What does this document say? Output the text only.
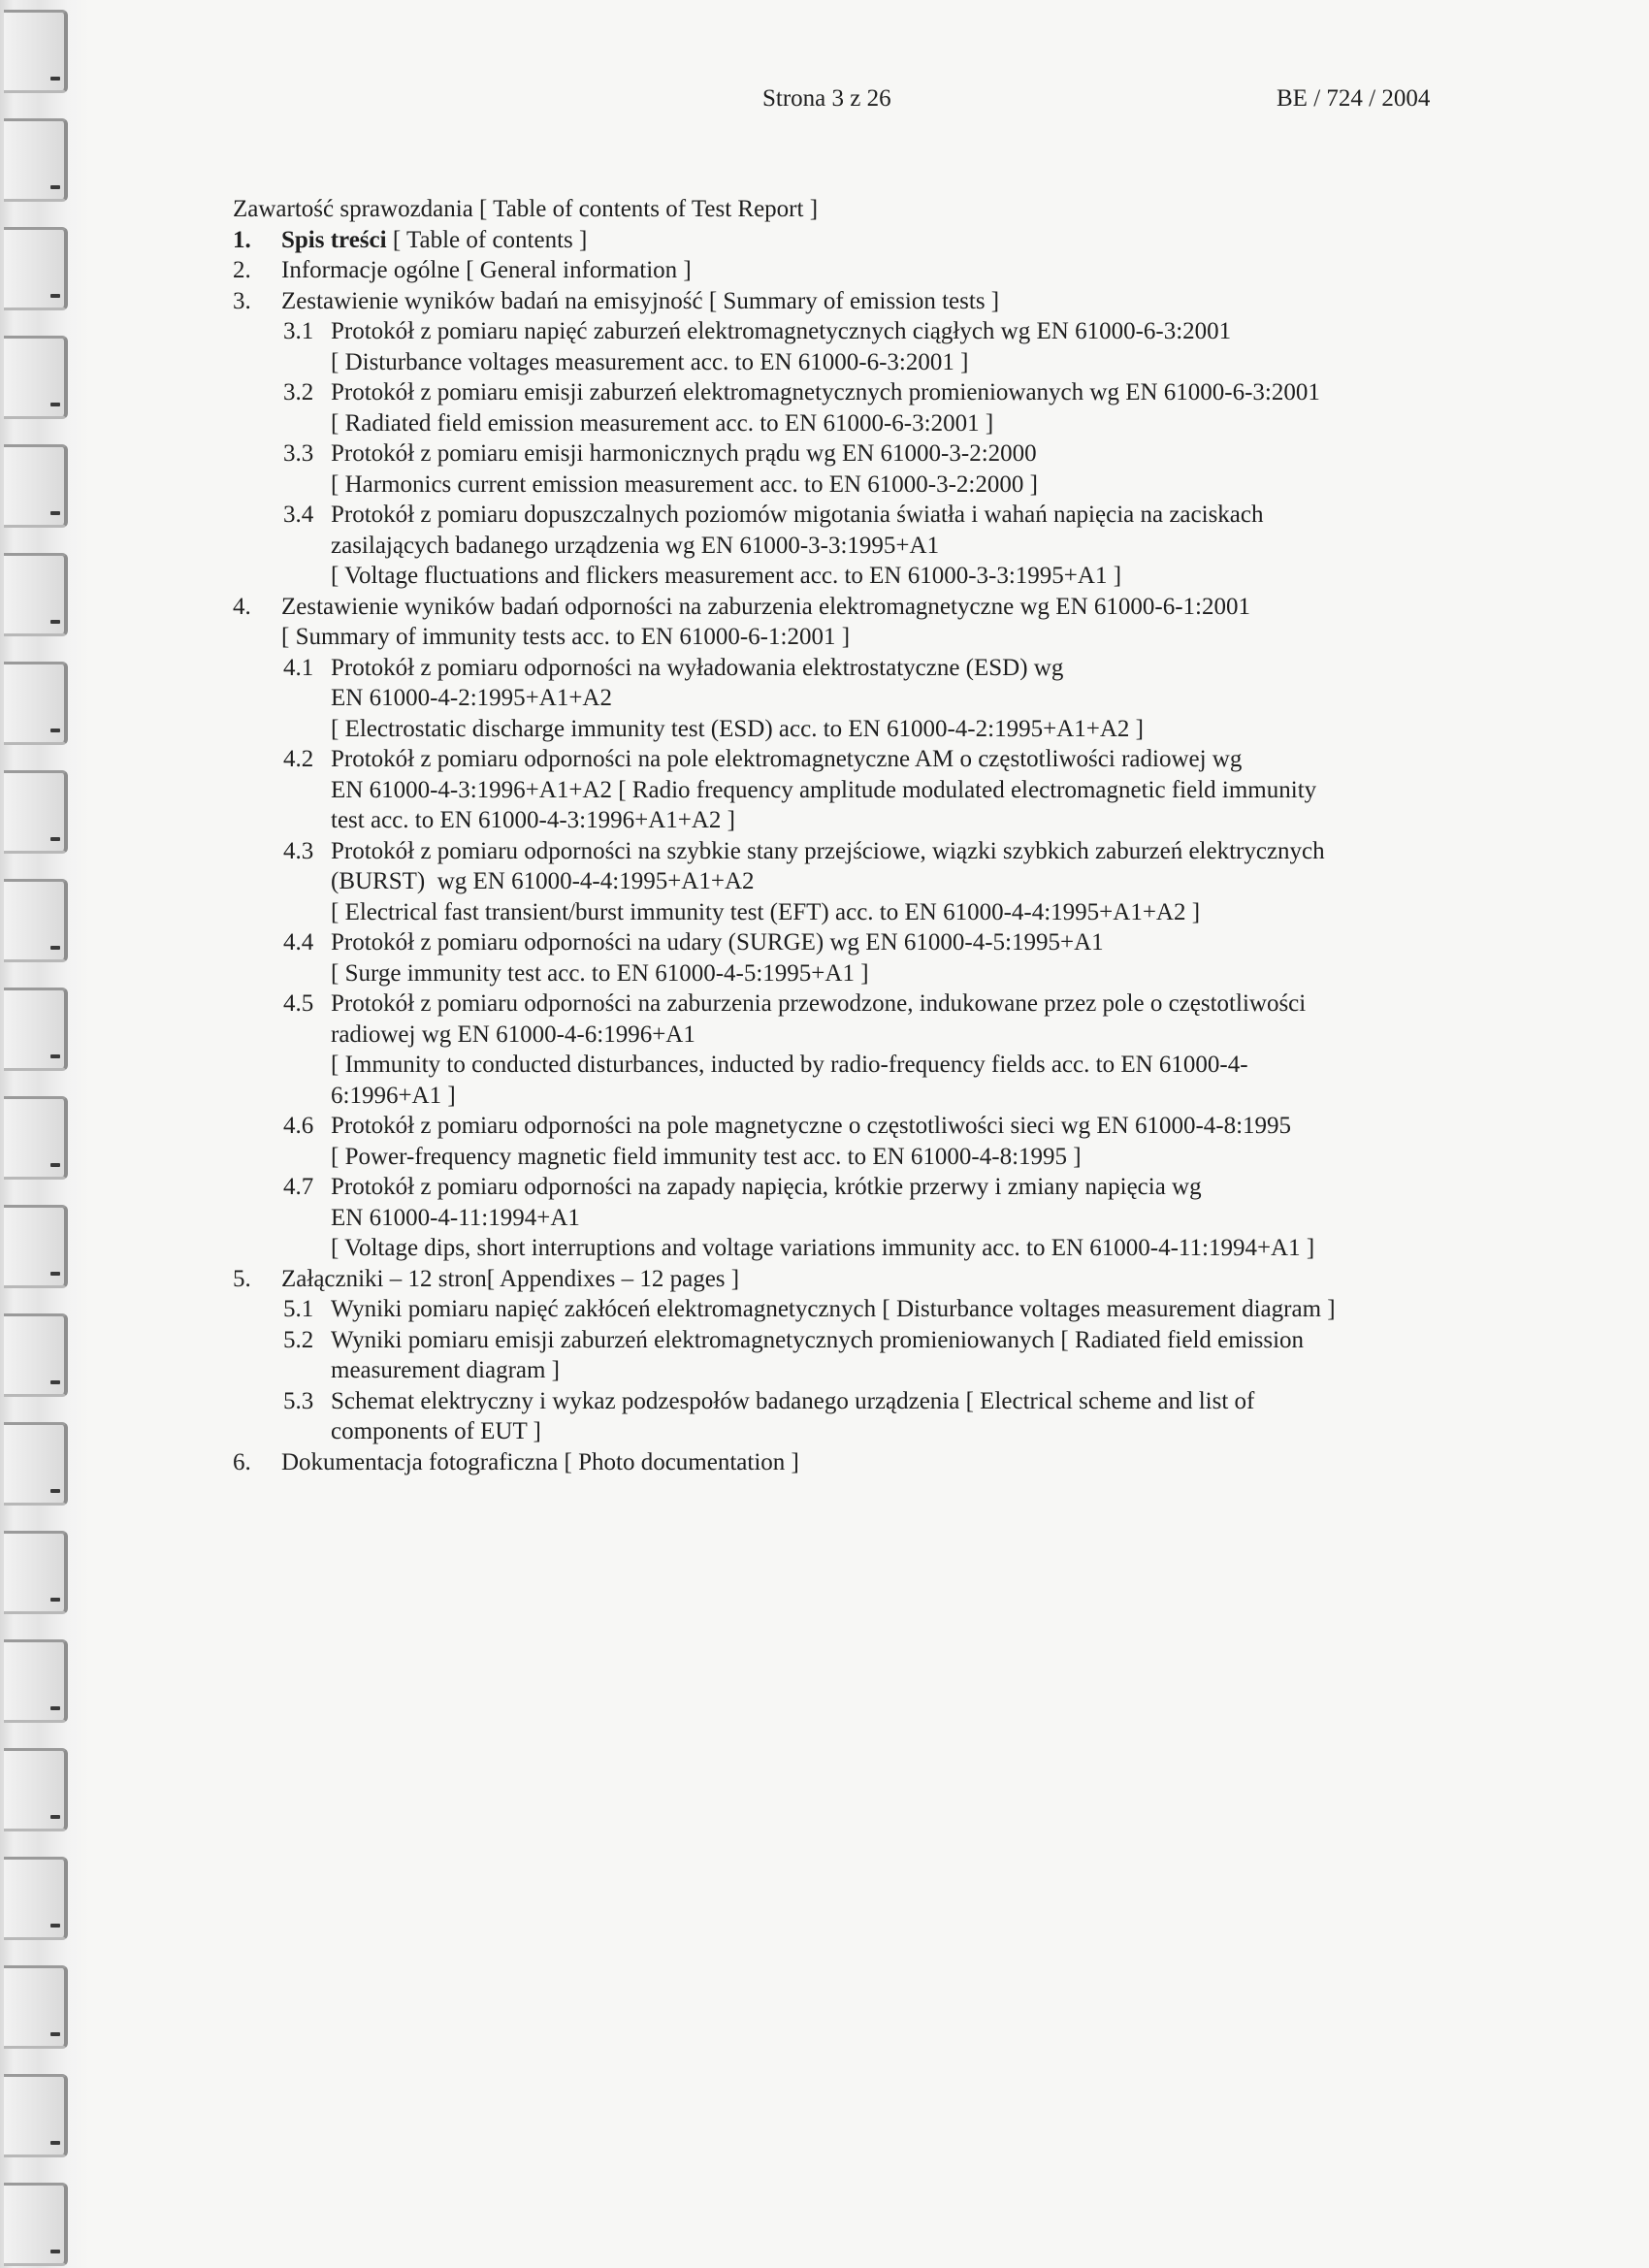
Strona 3 z 26	BE / 724 / 2004
Zawartość sprawozdania [ Table of contents of Test Report ]
1. Spis treści [ Table of contents ]
2. Informacje ogólne [ General information ]
3. Zestawienie wyników badań na emisyjność [ Summary of emission tests ]
3.1 Protokół z pomiaru napięć zaburzeń elektromagnetycznych ciągłych wg EN 61000-6-3:2001
[ Disturbance voltages measurement acc. to EN 61000-6-3:2001 ]
3.2 Protokół z pomiaru emisji zaburzeń elektromagnetycznych promieniowanych wg EN 61000-6-3:2001
[ Radiated field emission measurement acc. to EN 61000-6-3:2001 ]
3.3 Protokół z pomiaru emisji harmonicznych prądu wg EN 61000-3-2:2000
[ Harmonics current emission measurement acc. to EN 61000-3-2:2000 ]
3.4 Protokół z pomiaru dopuszczalnych poziomów migotania światła i wahań napięcia na zaciskach
zasilających badanego urządzenia wg EN 61000-3-3:1995+A1
[ Voltage fluctuations and flickers measurement acc. to EN 61000-3-3:1995+A1 ]
4. Zestawienie wyników badań odporności na zaburzenia elektromagnetyczne wg EN 61000-6-1:2001
[ Summary of immunity tests acc. to EN 61000-6-1:2001 ]
4.1 Protokół z pomiaru odporności na wyładowania elektrostatyczne (ESD) wg
EN 61000-4-2:1995+A1+A2
[ Electrostatic discharge immunity test (ESD) acc. to EN 61000-4-2:1995+A1+A2 ]
4.2 Protokół z pomiaru odporności na pole elektromagnetyczne AM o częstotliwości radiowej wg
EN 61000-4-3:1996+A1+A2 [ Radio frequency amplitude modulated electromagnetic field immunity
test acc. to EN 61000-4-3:1996+A1+A2 ]
4.3 Protokół z pomiaru odporności na szybkie stany przejściowe, wiązki szybkich zaburzeń elektrycznych
(BURST)  wg EN 61000-4-4:1995+A1+A2
[ Electrical fast transient/burst immunity test (EFT) acc. to EN 61000-4-4:1995+A1+A2 ]
4.4 Protokół z pomiaru odporności na udary (SURGE) wg EN 61000-4-5:1995+A1
[ Surge immunity test acc. to EN 61000-4-5:1995+A1 ]
4.5 Protokół z pomiaru odporności na zaburzenia przewodzone, indukowane przez pole o częstotliwości
radiowej wg EN 61000-4-6:1996+A1
[ Immunity to conducted disturbances, inducted by radio-frequency fields acc. to EN 61000-4-
6:1996+A1 ]
4.6 Protokół z pomiaru odporności na pole magnetyczne o częstotliwości sieci wg EN 61000-4-8:1995
[ Power-frequency magnetic field immunity test acc. to EN 61000-4-8:1995 ]
4.7 Protokół z pomiaru odporności na zapady napięcia, krótkie przerwy i zmiany napięcia wg
EN 61000-4-11:1994+A1
[ Voltage dips, short interruptions and voltage variations immunity acc. to EN 61000-4-11:1994+A1 ]
5. Załączniki – 12 stron[ Appendixes – 12 pages ]
5.1 Wyniki pomiaru napięć zakłóceń elektromagnetycznych [ Disturbance voltages measurement diagram ]
5.2 Wyniki pomiaru emisji zaburzeń elektromagnetycznych promieniowanych [ Radiated field emission
measurement diagram ]
5.3 Schemat elektryczny i wykaz podzespołów badanego urządzenia [ Electrical scheme and list of
components of EUT ]
6. Dokumentacja fotograficzna [ Photo documentation ]
